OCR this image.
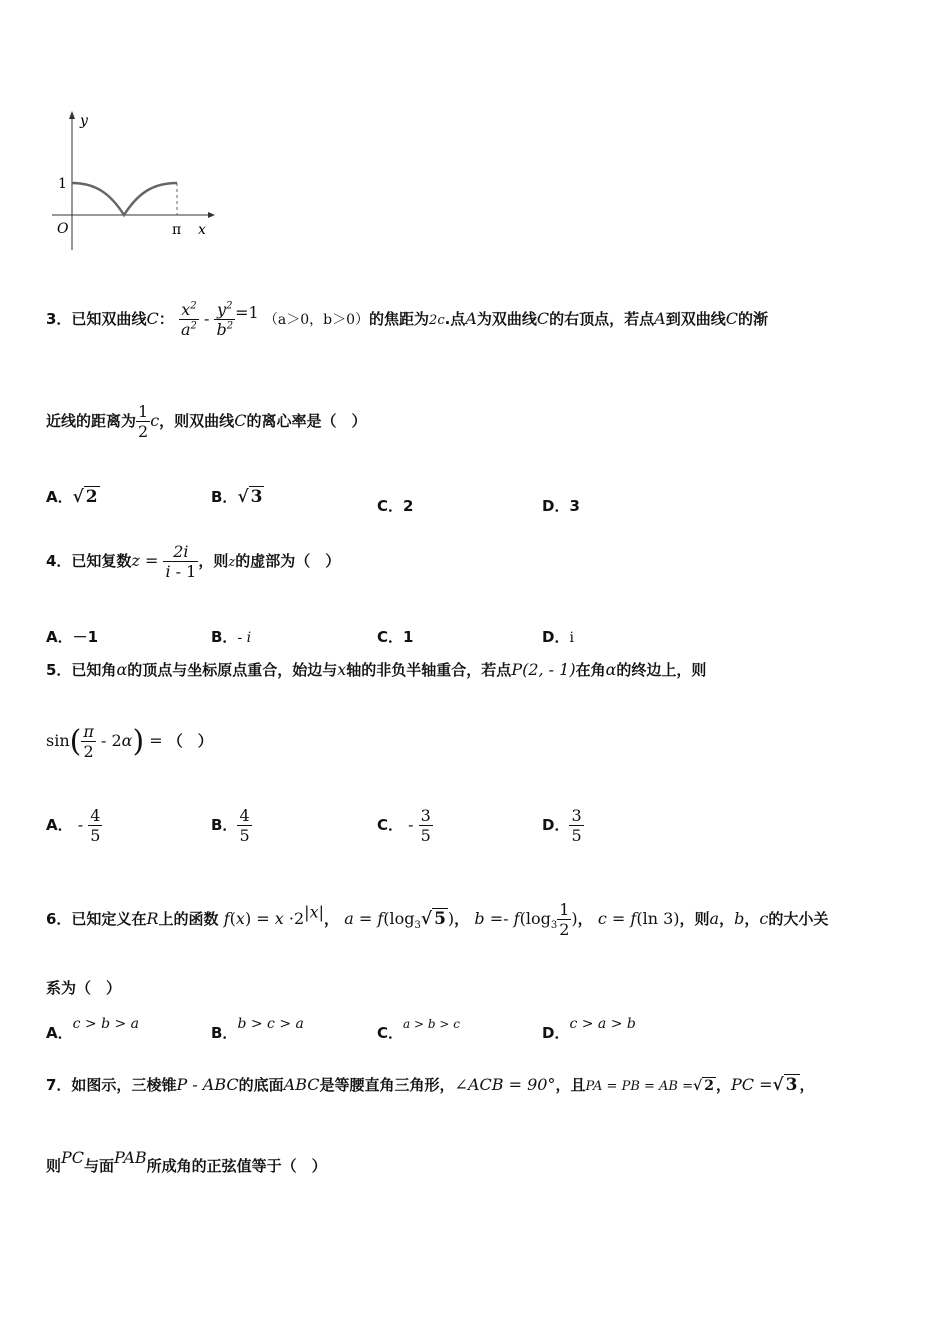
y
1
O	π x
3．已知双曲线C： $\frac{x^2}{a^2} - \frac{y^2}{b^2} =1$ （a＞0，b＞0）的焦距为2c.点A为双曲线C的右顶点，若点A到双曲线C的渐
近线的距离为 $\frac{1}{2}$ c，则双曲线C的离心率是（　）
A．√ 2	B．√ 3	C．2	D．3
4．已知复数$z = \frac{2i}{i - 1}$ ，则z的虚部为（　）
A．－1	B．- i	C．1	D．i
5．已知角α的顶点与坐标原点重合，始边与x轴的非负半轴重合，若点P(2, - 1)在角α的终边上，则
$\sin( \frac{\pi}{2} - 2\alpha)$ = （　）
A． - $\frac{4}{5}$	B． $\frac{4}{5}$	C． - $\frac{3}{5}$	D． $\frac{3}{5}$
6．已知定义在R上的函数 $f(x) = x \cdot 2^{|x|}$， $a = f(\log_3√$ 5 )， $b =- f(\log_3 \frac{1}{2}$ )， c = f(ln 3)，则a，b，c的大小关
系为（　）
A．c > b > a	B．b > c > a	C．a > b > c	D．c > a > b
7．如图示，三棱锥P - ABC的底面ABC是等腰直角三角形，∠ACB = 90°，且PA = PB = AB =√ 2 ，PC =√ 3 ，
则PC与面PAB所成角的正弦值等于（　）
